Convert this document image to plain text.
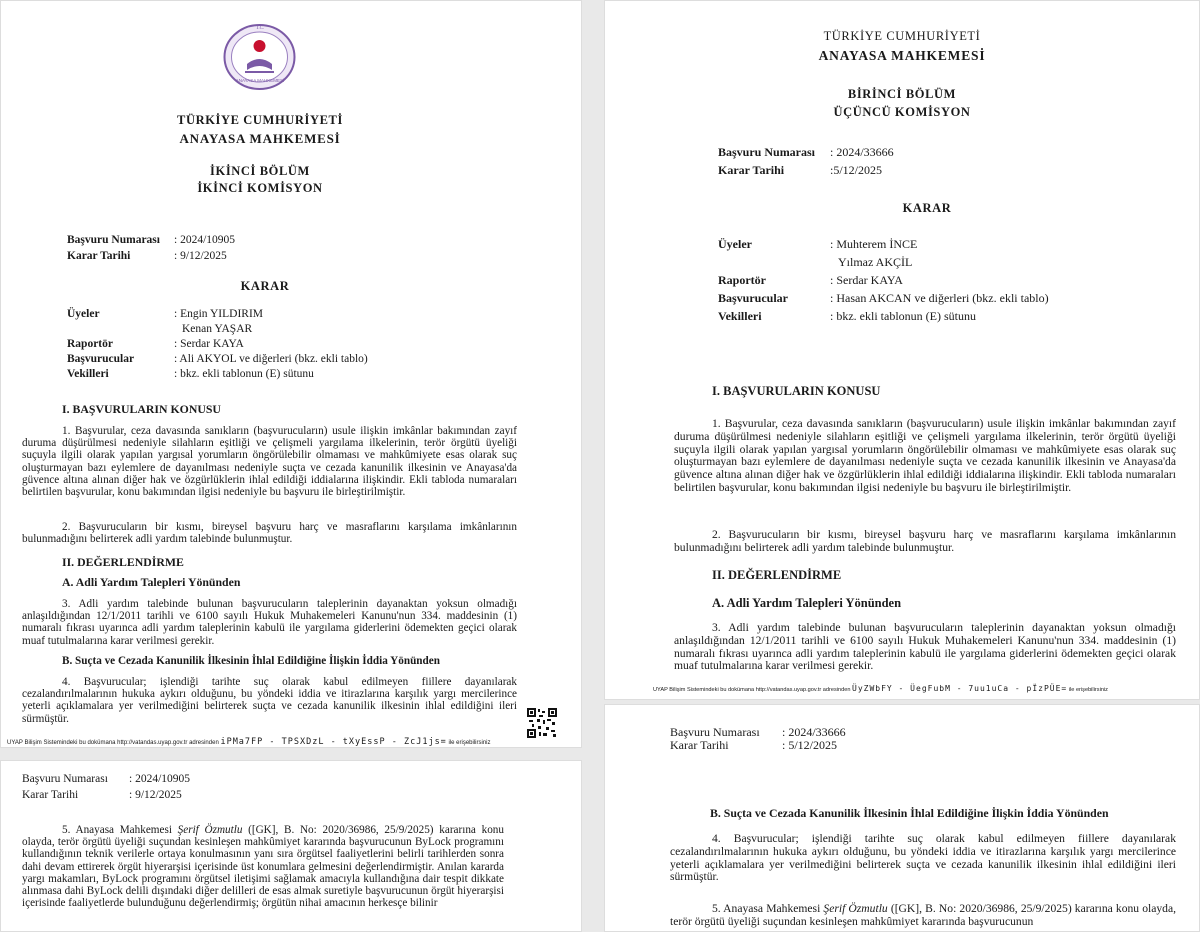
T.C.
ANAYASA MAHKEMESİ
TÜRKİYE CUMHURİYETİ
ANAYASA MAHKEMESİ
İKİNCİ BÖLÜM
İKİNCİ KOMİSYON
Başvuru Numarası : 2024/10905
Karar Tarihi	: 9/12/2025
KARAR
Üyeler	: Engin YILDIRIM
Kenan YAŞAR
Raportör	: Serdar KAYA
Başvurucular	: Ali AKYOL ve diğerleri (bkz. ekli tablo)
Vekilleri	: bkz. ekli tablonun (E) sütunu
I. BAŞVURULARIN KONUSU
1. Başvurular, ceza davasında sanıkların (başvurucuların) usule ilişkin imkânlar bakımından zayıf duruma düşürülmesi nedeniyle silahların eşitliği ve çelişmeli yargılama ilkelerinin, terör örgütü üyeliği suçuyla ilgili olarak yapılan yargısal yorumların öngörülebilir olmaması ve mahkûmiyete esas olarak suç oluşturmayan bazı eylemlere de dayanılması nedeniyle suçta ve cezada kanunilik ilkesinin ve Anayasa'da güvence altına alınan diğer hak ve özgürlüklerin ihlal edildiği iddialarına ilişkindir. Ekli tabloda numaraları belirtilen başvurular, konu bakımından ilgisi nedeniyle bu başvuru ile birleştirilmiştir.
2. Başvurucuların bir kısmı, bireysel başvuru harç ve masraflarını karşılama imkânlarının bulunmadığını belirterek adli yardım talebinde bulunmuştur.
II. DEĞERLENDİRME
A. Adli Yardım Talepleri Yönünden
3. Adli yardım talebinde bulunan başvurucuların taleplerinin dayanaktan yoksun olmadığı anlaşıldığından 12/1/2011 tarihli ve 6100 sayılı Hukuk Muhakemeleri Kanunu'nun 334. maddesinin (1) numaralı fıkrası uyarınca adli yardım taleplerinin kabulü ile yargılama giderlerini ödemekten geçici olarak muaf tutulmalarına karar verilmesi gerekir.
B. Suçta ve Cezada Kanunilik İlkesinin İhlal Edildiğine İlişkin İddia Yönünden
4. Başvurucular; işlendiği tarihte suç olarak kabul edilmeyen fiillere dayanılarak cezalandırılmalarının hukuka aykırı olduğunu, bu yöndeki iddia ve itirazlarına karşılık yargı mercilerince yeterli açıklamalara yer verilmediğini belirterek suçta ve cezada kanunilik ilkesinin ihlal edildiğini ileri sürmüştür.
UYAP Bilişim Sistemindeki bu dokümana http://vatandas.uyap.gov.tr adresinden iPMa7FP - TPSXDzL - tXyEssP - ZcJ1js= ile erişebilirsiniz
Başvuru Numarası : 2024/10905
Karar Tarihi	: 9/12/2025
5. Anayasa Mahkemesi Şerif Özmutlu ([GK], B. No: 2020/36986, 25/9/2025) kararına konu olayda, terör örgütü üyeliği suçundan kesinleşen mahkûmiyet kararında başvurucunun ByLock programını kullandığının teknik verilerle ortaya konulmasının yanı sıra örgütsel faaliyetlerini belirli tarihlerden sonra dahi devam ettirerek örgüt hiyerarşisi içerisinde üst konumlara gelmesini değerlendirmiştir. Anılan kararda yargı makamları, ByLock programını örgütsel iletişimi sağlamak amacıyla kullandığına dair tespit dikkate alınmasa dahi ByLock delili dışındaki diğer delilleri de esas almak suretiyle başvurucunun örgüt hiyerarşisi içerisinde faaliyetlerde bulunduğunu değerlendirmiş; örgütün nihai amacının herkesçe bilinir
TÜRKİYE CUMHURİYETİ
ANAYASA MAHKEMESİ
BİRİNCİ BÖLÜM
ÜÇÜNCÜ KOMİSYON
Başvuru Numarası : 2024/33666
Karar Tarihi	:5/12/2025
KARAR
Üyeler	: Muhterem İNCE
Yılmaz AKÇİL
Raportör	: Serdar KAYA
Başvurucular	: Hasan AKCAN ve diğerleri (bkz. ekli tablo)
Vekilleri	: bkz. ekli tablonun (E) sütunu
I. BAŞVURULARIN KONUSU
1. Başvurular, ceza davasında sanıkların (başvurucuların) usule ilişkin imkânlar bakımından zayıf duruma düşürülmesi nedeniyle silahların eşitliği ve çelişmeli yargılama ilkelerinin, terör örgütü üyeliği suçuyla ilgili olarak yapılan yargısal yorumların öngörülebilir olmaması ve mahkûmiyete esas olarak suç oluşturmayan bazı eylemlere de dayanılması nedeniyle suçta ve cezada kanunilik ilkesinin ve Anayasa'da güvence altına alınan diğer hak ve özgürlüklerin ihlal edildiği iddialarına ilişkindir. Ekli tabloda numaraları belirtilen başvurular, konu bakımından ilgisi nedeniyle bu başvuru ile birleştirilmiştir.
2. Başvurucuların bir kısmı, bireysel başvuru harç ve masraflarını karşılama imkânlarının bulunmadığını belirterek adli yardım talebinde bulunmuştur.
II. DEĞERLENDİRME
A. Adli Yardım Talepleri Yönünden
3. Adli yardım talebinde bulunan başvurucuların taleplerinin dayanaktan yoksun olmadığı anlaşıldığından 12/1/2011 tarihli ve 6100 sayılı Hukuk Muhakemeleri Kanunu'nun 334. maddesinin (1) numaralı fıkrası uyarınca adli yardım taleplerinin kabulü ile yargılama giderlerini ödemekten geçici olarak muaf tutulmalarına karar verilmesi gerekir.
UYAP Bilişim Sistemindeki bu dokümana http://vatandas.uyap.gov.tr adresinden ÜyZWbFY - ÜegFubM - 7uu1uCa - pÏzPÜE= ile erişebilirsiniz
Başvuru Numarası : 2024/33666
Karar Tarihi	: 5/12/2025
B. Suçta ve Cezada Kanunilik İlkesinin İhlal Edildiğine İlişkin İddia Yönünden
4. Başvurucular; işlendiği tarihte suç olarak kabul edilmeyen fiillere dayanılarak cezalandırılmalarının hukuka aykırı olduğunu, bu yöndeki iddia ve itirazlarına karşılık yargı mercilerince yeterli açıklamalara yer verilmediğini belirterek suçta ve cezada kanunilik ilkesinin ihlal edildiğini ileri sürmüştür.
5. Anayasa Mahkemesi Şerif Özmutlu ([GK], B. No: 2020/36986, 25/9/2025) kararına konu olayda, terör örgütü üyeliği suçundan kesinleşen mahkûmiyet kararında başvurucunun
